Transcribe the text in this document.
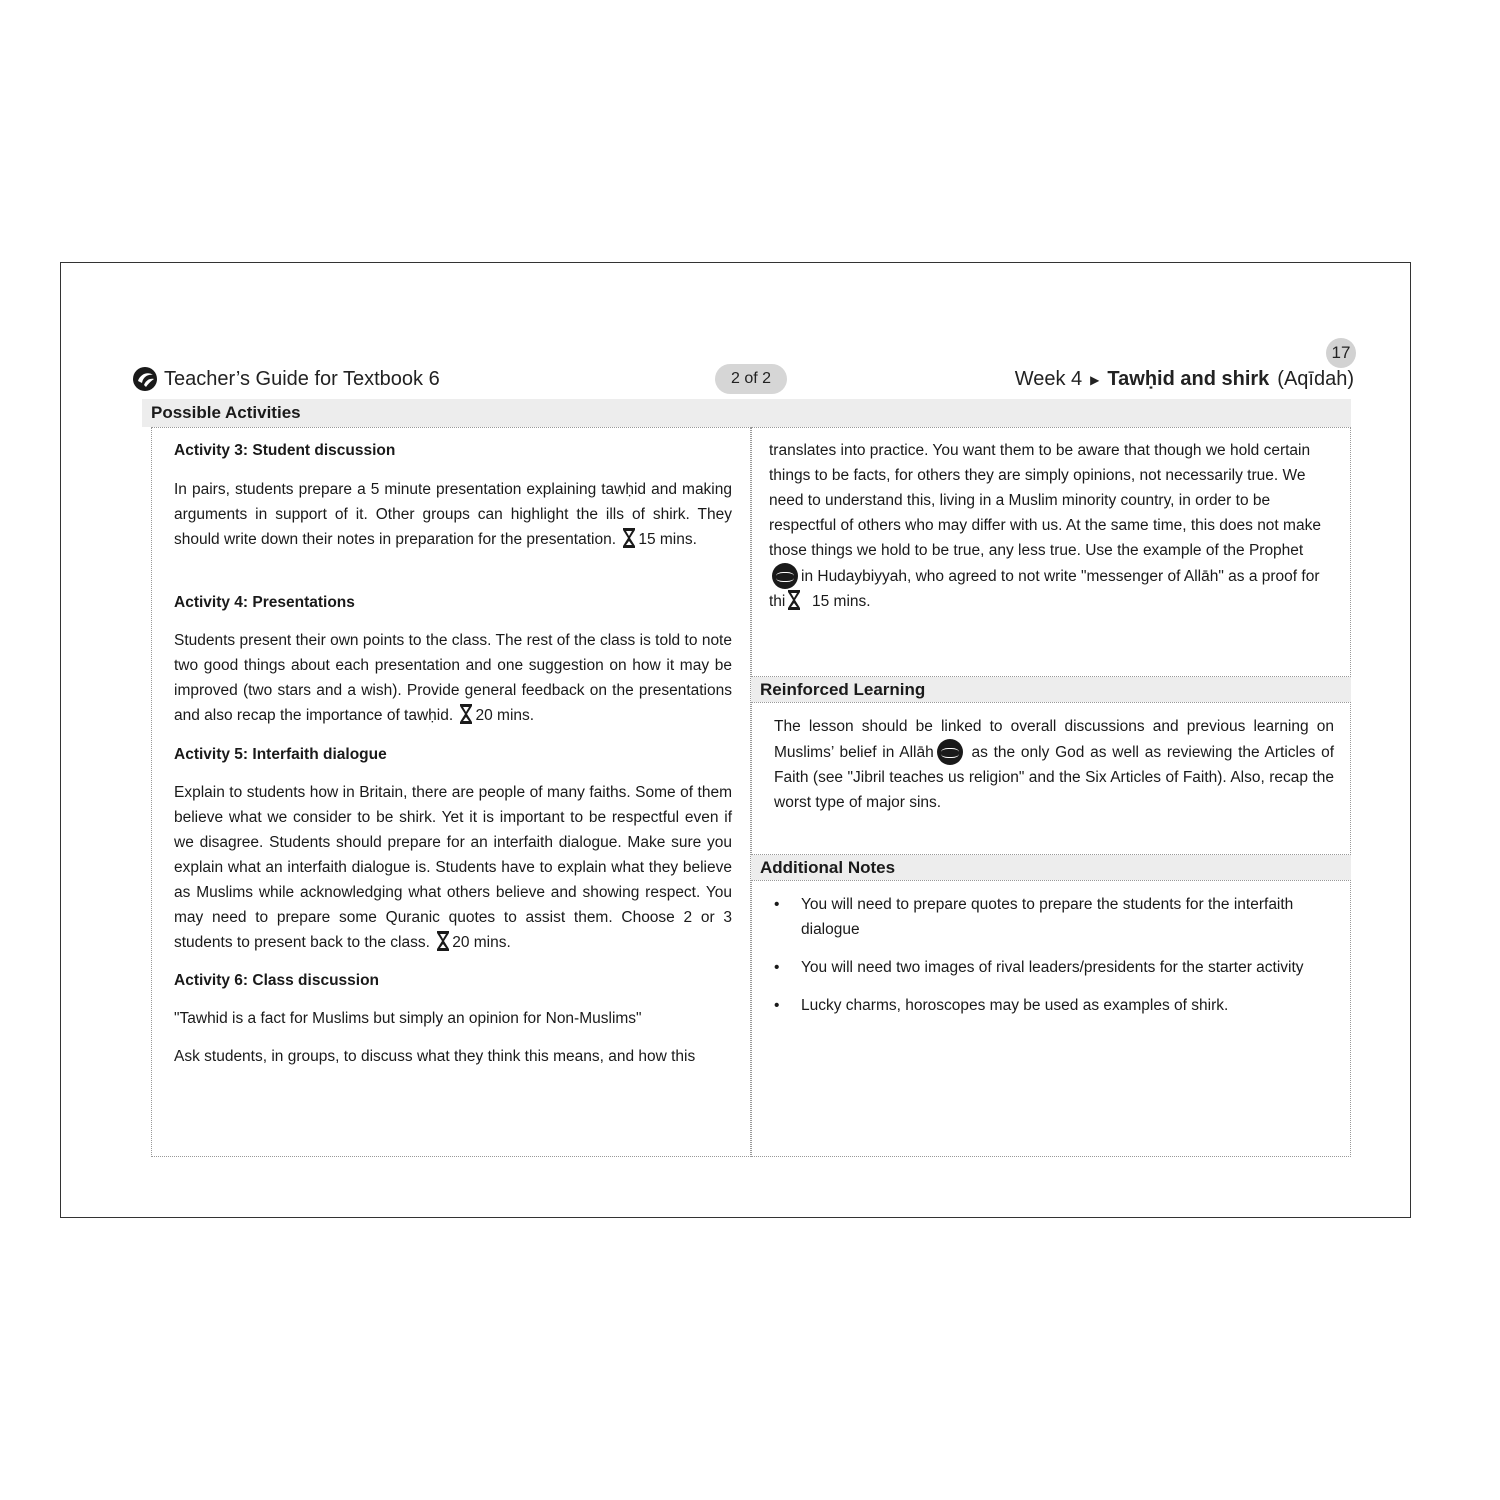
Teacher’s Guide for Textbook 6	2 of 2
17
Week 4 ▶ Tawḥid and shirk (Aqīdah)
Possible Activities
Activity 3: Student discussion
In pairs, students prepare a 5 minute presentation explaining tawḥid and making arguments in support of it. Other groups can highlight the ills of shirk. They should write down their notes in preparation for the presentation. 15 mins.
Activity 4: Presentations
Students present their own points to the class. The rest of the class is told to note two good things about each presentation and one suggestion on how it may be improved (two stars and a wish). Provide general feedback on the presentations and also recap the importance of tawḥid. 20 mins.
Activity 5: Interfaith dialogue
Explain to students how in Britain, there are people of many faiths. Some of them believe what we consider to be shirk. Yet it is important to be respectful even if we disagree. Students should prepare for an interfaith dialogue. Make sure you explain what an interfaith dialogue is. Students have to explain what they believe as Muslims while acknowledging what others believe and showing respect. You may need to prepare some Quranic quotes to assist them. Choose 2 or 3 students to present back to the class. 20 mins.
Activity 6: Class discussion
"Tawhid is a fact for Muslims but simply an opinion for Non-Muslims"
Ask students, in groups, to discuss what they think this means, and how this
translates into practice. You want them to be aware that though we hold certain things to be facts, for others they are simply opinions, not necessarily true. We need to understand this, living in a Muslim minority country, in order to be respectful of others who may differ with us. At the same time, this does not make those things we hold to be true, any less true. Use the example of the Prophetin Hudaybiyyah, who agreed to not write "messenger of Allāh" as a proof for thi 15 mins.
Reinforced Learning
The lesson should be linked to overall discussions and previous learning on Muslims’ belief in Allāh as the only God as well as reviewing the Articles of Faith (see "Jibril teaches us religion" and the Six Articles of Faith). Also, recap the worst type of major sins.
Additional Notes
• You will need to prepare quotes to prepare the students for the interfaith dialogue
• You will need two images of rival leaders/presidents for the starter activity
• Lucky charms, horoscopes may be used as examples of shirk.
